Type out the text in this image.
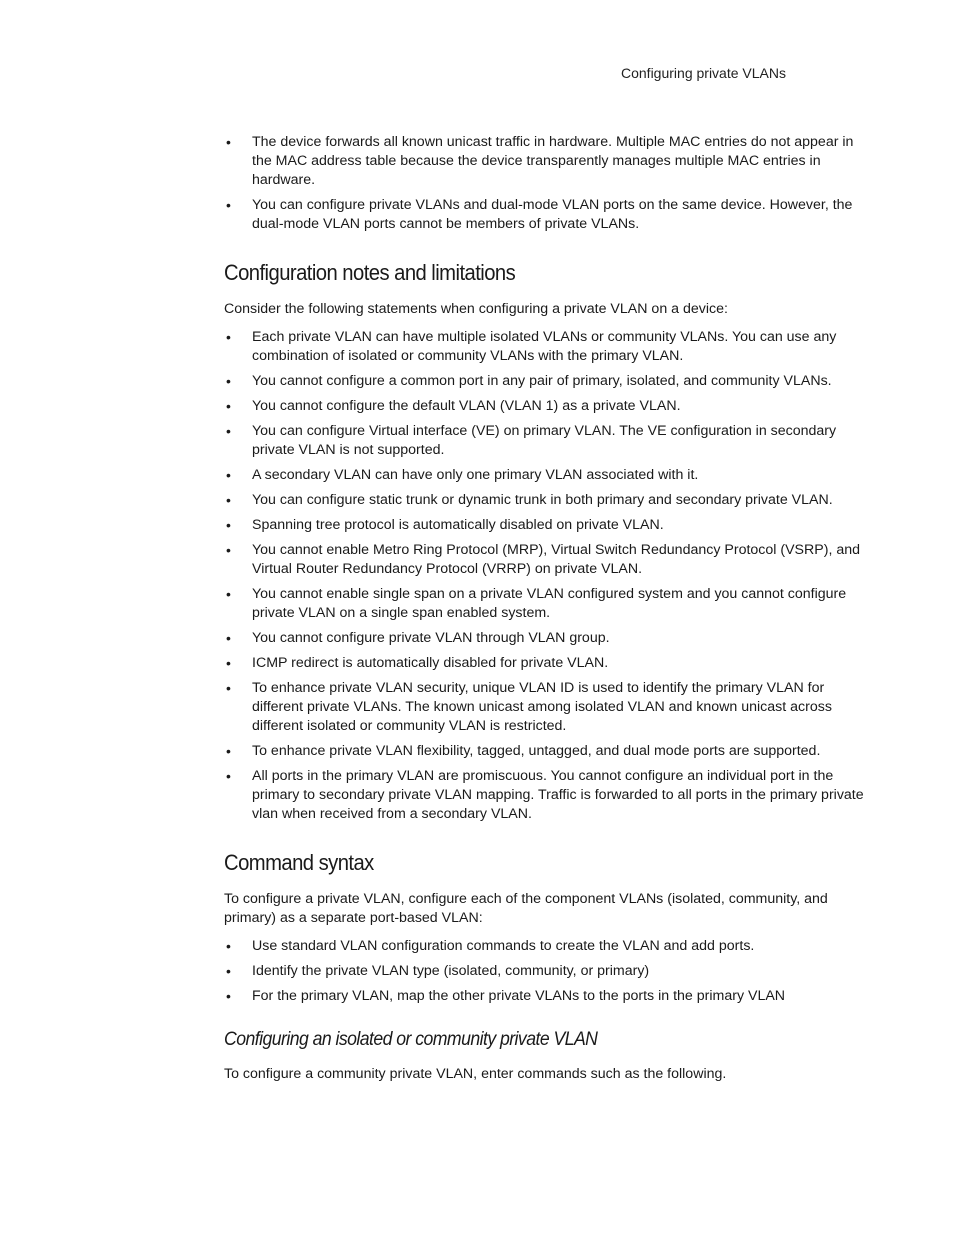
Configuring private VLANs
• The device forwards all known unicast traffic in hardware. Multiple MAC entries do not appear in the MAC address table because the device transparently manages multiple MAC entries in hardware.
• You can configure private VLANs and dual-mode VLAN ports on the same device. However, the dual-mode VLAN ports cannot be members of private VLANs.
Configuration notes and limitations

Consider the following statements when configuring a private VLAN on a device:

• Each private VLAN can have multiple isolated VLANs or community VLANs. You can use any combination of isolated or community VLANs with the primary VLAN.
• You cannot configure a common port in any pair of primary, isolated, and community VLANs.
• You cannot configure the default VLAN (VLAN 1) as a private VLAN.
• You can configure Virtual interface (VE) on primary VLAN. The VE configuration in secondary private VLAN is not supported.
• A secondary VLAN can have only one primary VLAN associated with it.
• You can configure static trunk or dynamic trunk in both primary and secondary private VLAN.
• Spanning tree protocol is automatically disabled on private VLAN.
• You cannot enable Metro Ring Protocol (MRP), Virtual Switch Redundancy Protocol (VSRP), and Virtual Router Redundancy Protocol (VRRP) on private VLAN.
• You cannot enable single span on a private VLAN configured system and you cannot configure private VLAN on a single span enabled system.
• You cannot configure private VLAN through VLAN group.
• ICMP redirect is automatically disabled for private VLAN.
• To enhance private VLAN security, unique VLAN ID is used to identify the primary VLAN for different private VLANs. The known unicast among isolated VLAN and known unicast across different isolated or community VLAN is restricted.
• To enhance private VLAN flexibility, tagged, untagged, and dual mode ports are supported.
• All ports in the primary VLAN are promiscuous. You cannot configure an individual port in the primary to secondary private VLAN mapping. Traffic is forwarded to all ports in the primary private vlan when received from a secondary VLAN.
Command syntax

To configure a private VLAN, configure each of the component VLANs (isolated, community, and primary) as a separate port-based VLAN:

• Use standard VLAN configuration commands to create the VLAN and add ports.
• Identify the private VLAN type (isolated, community, or primary)
• For the primary VLAN, map the other private VLANs to the ports in the primary VLAN
Configuring an isolated or community private VLAN

To configure a community private VLAN, enter commands such as the following.
